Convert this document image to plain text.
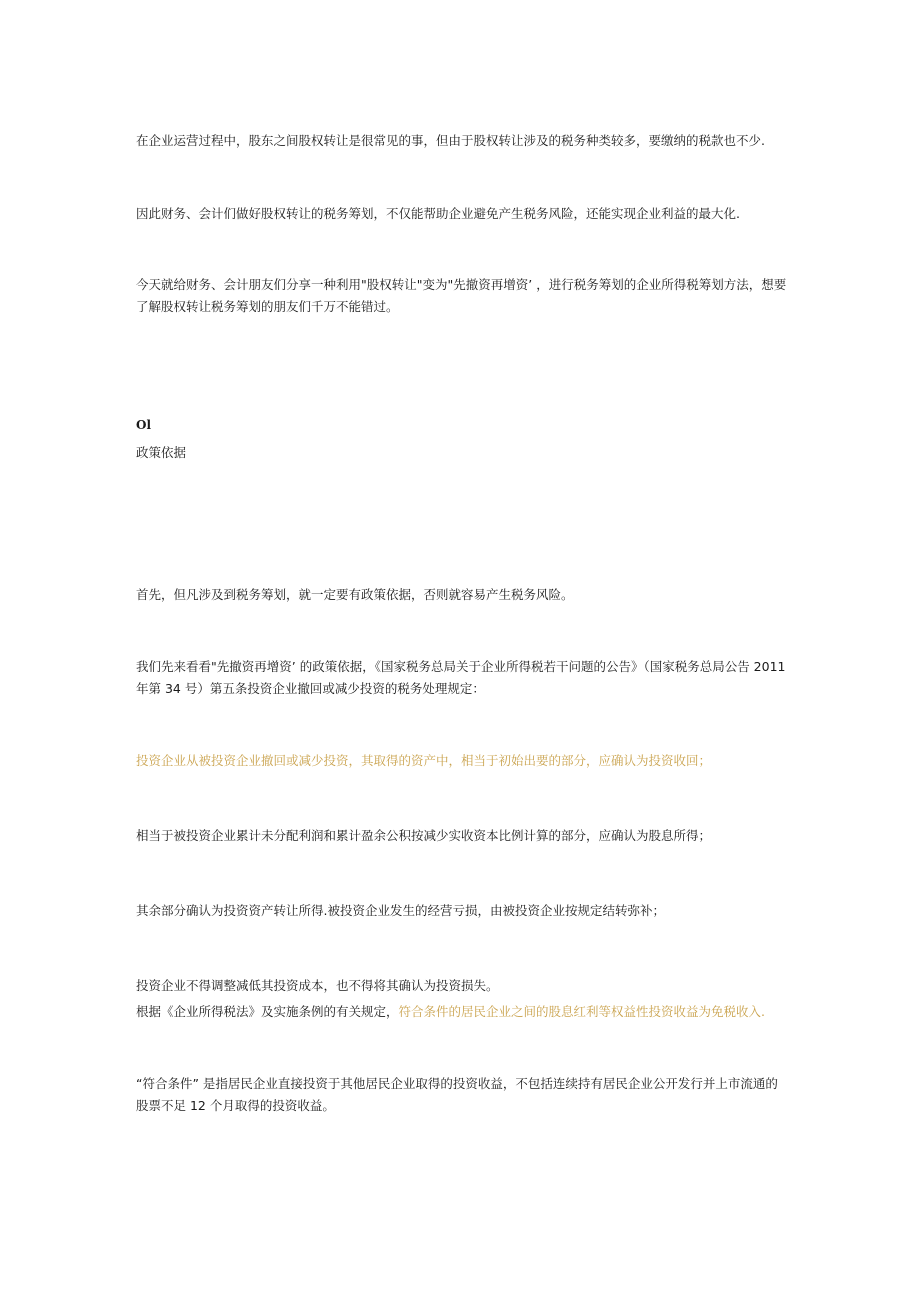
在企业运营过程中，股东之间股权转让是很常见的事，但由于股权转让涉及的税务种类较多，要缴纳的税款也不少.

因此财务、会计们做好股权转让的税务筹划，不仅能帮助企业避免产生税务风险，还能实现企业利益的最大化.

今天就给财务、会计朋友们分享一种利用"股权转让"变为"先撤资再增资’ ，进行税务筹划的企业所得税筹划方法，想要了解股权转让税务筹划的朋友们千万不能错过。

Ol
政策依据

首先，但凡涉及到税务筹划，就一定要有政策依据，否则就容易产生税务风险。

我们先来看看"先撤资再增资’ 的政策依据，《国家税务总局关于企业所得税若干问题的公告》（国家税务总局公告 2011 年第 34 号）第五条投资企业撤回或减少投资的税务处理规定：

投资企业从被投资企业撤回或减少投资，其取得的资产中，相当于初始出要的部分，应确认为投资收回；

相当于被投资企业累计未分配利润和累计盈余公积按减少实收资本比例计算的部分，应确认为股息所得；

其余部分确认为投资资产转让所得.被投资企业发生的经营亏损，由被投资企业按规定结转弥补；

投资企业不得调整减低其投资成本，也不得将其确认为投资损失。

根据《企业所得税法》及实施条例的有关规定，符合条件的居民企业之间的股息红利等权益性投资收益为免税收入.

“符合条件” 是指居民企业直接投资于其他居民企业取得的投资收益，不包括连续持有居民企业公开发行并上市流通的股票不足 12 个月取得的投资收益。
